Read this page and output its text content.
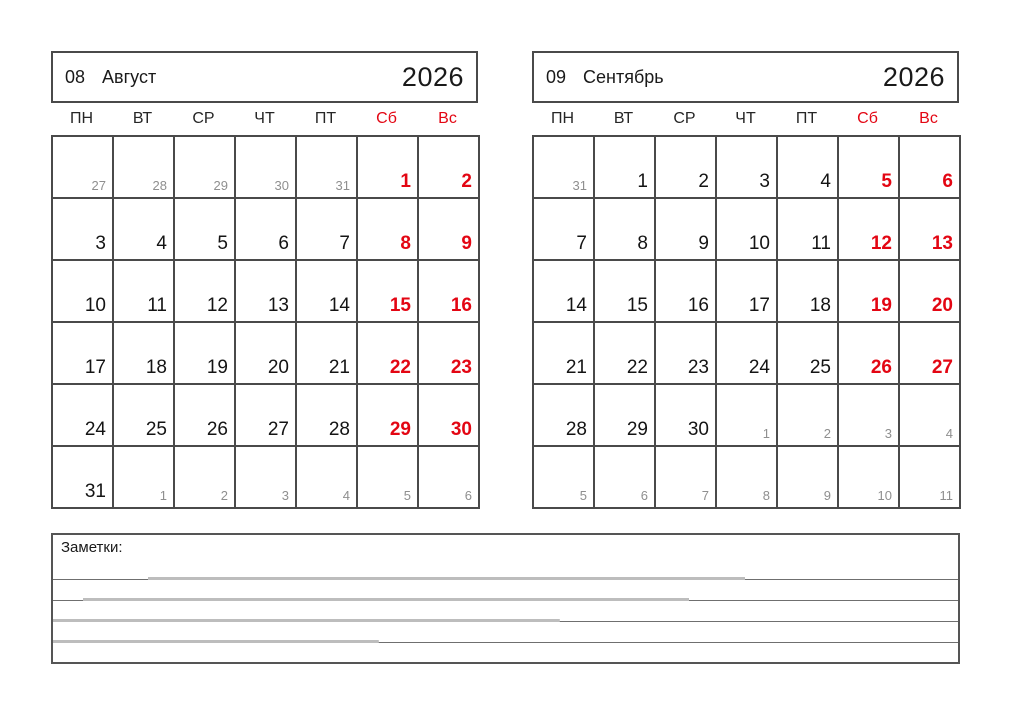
08 Август	2026
ПН	ВТ	СР	ЧТ	ПТ	Сб	Вс
27	28	29	30	31	1	2
3	4	5	6	7	8	9
10	11	12	13	14	15	16
17	18	19	20	21	22	23
24	25	26	27	28	29	30
31	1	2	3	4	5	6
09 Сентябрь	2026
ПН	ВТ	СР	ЧТ	ПТ	Сб	Вс
31	1	2	3	4	5	6
7	8	9	10	11	12	13
14	15	16	17	18	19	20
21	22	23	24	25	26	27
28	29	30	1	2	3	4
5	6	7	8	9	10	11
Заметки:
